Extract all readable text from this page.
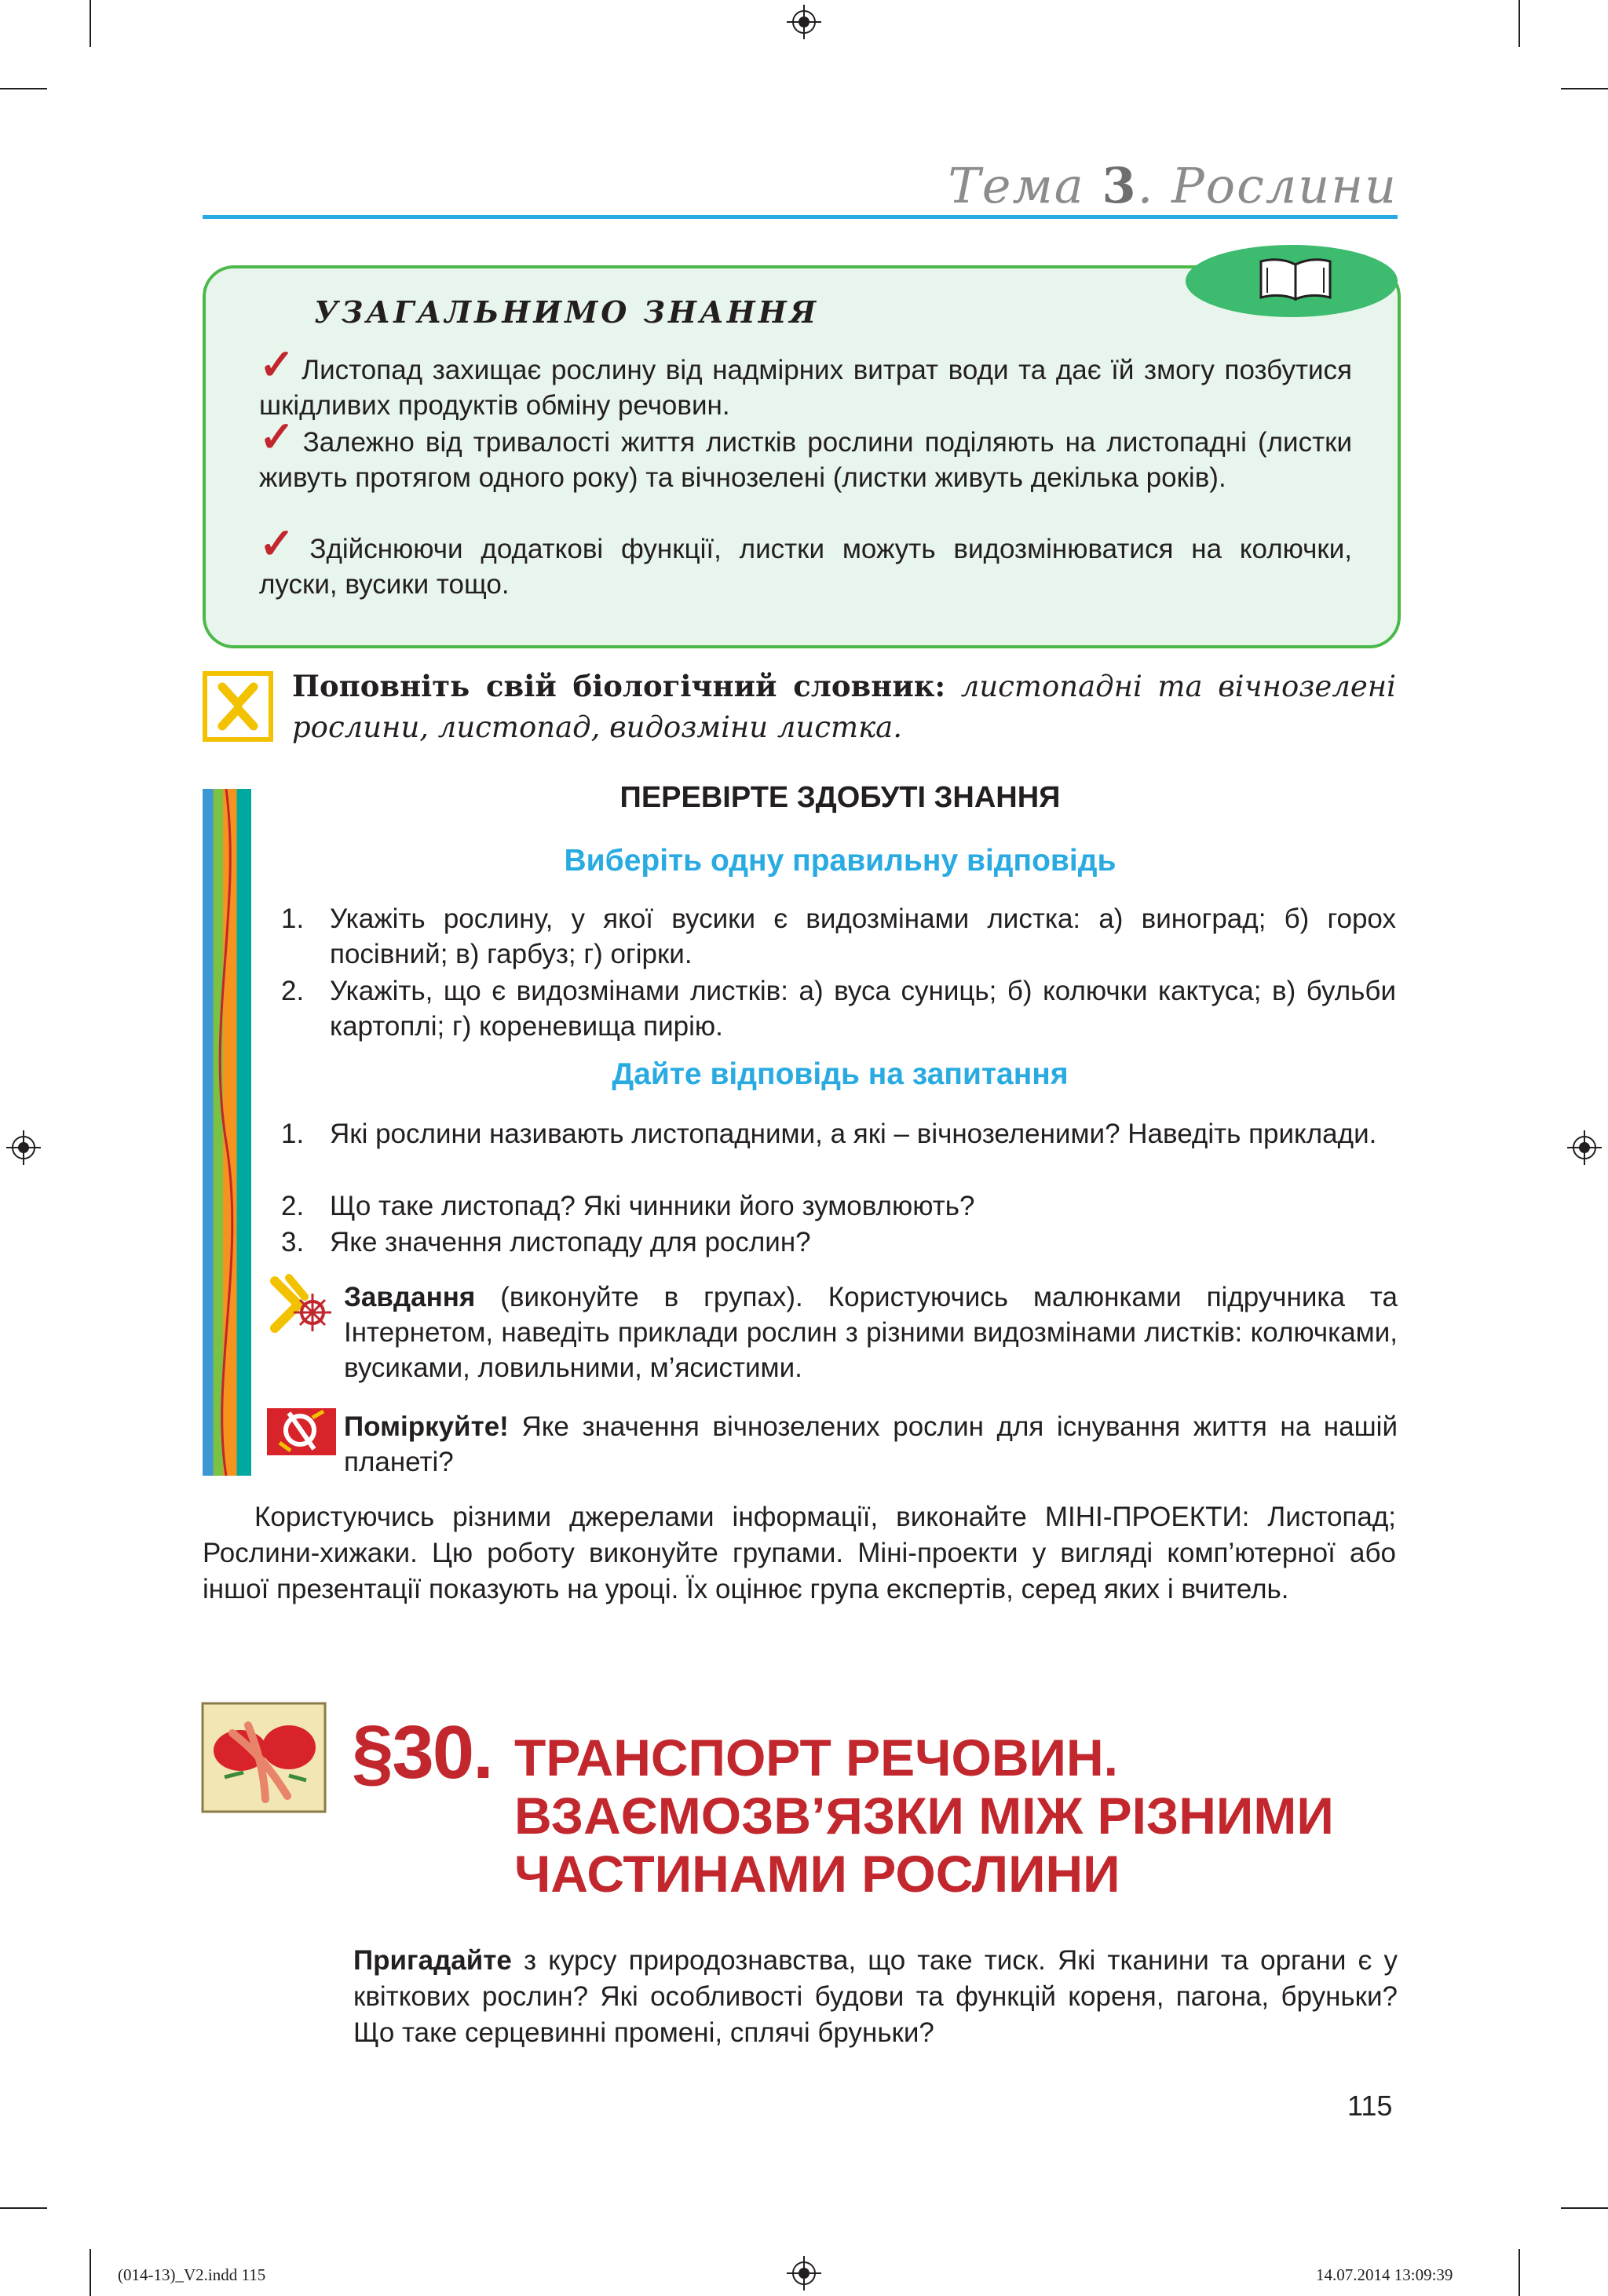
Тема 3. Рослини
УЗАГАЛЬНИМО ЗНАННЯ
✓ Листопад захищає рослину від надмірних витрат води та дає їй змогу позбутися шкідливих продуктів обміну речовин.
✓ Залежно від тривалості життя листків рослини поділяють на листопадні (листки живуть протягом одного року) та вічнозелені (листки живуть декілька років).
✓ Здійснюючи додаткові функції, листки можуть видозмінюватися на колючки, луски, вусики тощо.
Поповніть свій біологічний словник: листопадні та вічнозелені рослини, листопад, видозміни листка.
ПЕРЕВІРТЕ ЗДОБУТІ ЗНАННЯ
Виберіть одну правильну відповідь
1. Укажіть рослину, у якої вусики є видозмінами листка: а) виноград; б) горох посівний; в) гарбуз; г) огірки.
2. Укажіть, що є видозмінами листків: а) вуса суниць; б) колючки кактуса; в) бульби картоплі; г) кореневища пирію.
Дайте відповідь на запитання
1. Які рослини називають листопадними, а які – вічнозеленими? Наведіть приклади.
2. Що таке листопад? Які чинники його зумовлюють?
3. Яке значення листопаду для рослин?
Завдання (виконуйте в групах). Користуючись малюнками підручника та Інтернетом, наведіть приклади рослин з різними видозмінами листків: колючками, вусиками, ловильними, м’ясистими.
Поміркуйте! Яке значення вічнозелених рослин для існування життя на нашій планеті?
Користуючись різними джерелами інформації, виконайте МІНІ-ПРОЕКТИ: Листопад; Рослини-хижаки. Цю роботу виконуйте групами. Міні-проекти у вигляді комп’ютерної або іншої презентації показують на уроці. Їх оцінює група експертів, серед яких і вчитель.
§30. ТРАНСПОРТ РЕЧОВИН.
ВЗАЄМОЗВ’ЯЗКИ МІЖ РІЗНИМИ
ЧАСТИНАМИ РОСЛИНИ
Пригадайте з курсу природознавства, що таке тиск. Які тканини та органи є у квіткових рослин? Які особливості будови та функцій кореня, пагона, бруньки? Що таке серцевинні промені, сплячі бруньки?
115
(014-13)_V2.indd 115	14.07.2014 13:09:39
